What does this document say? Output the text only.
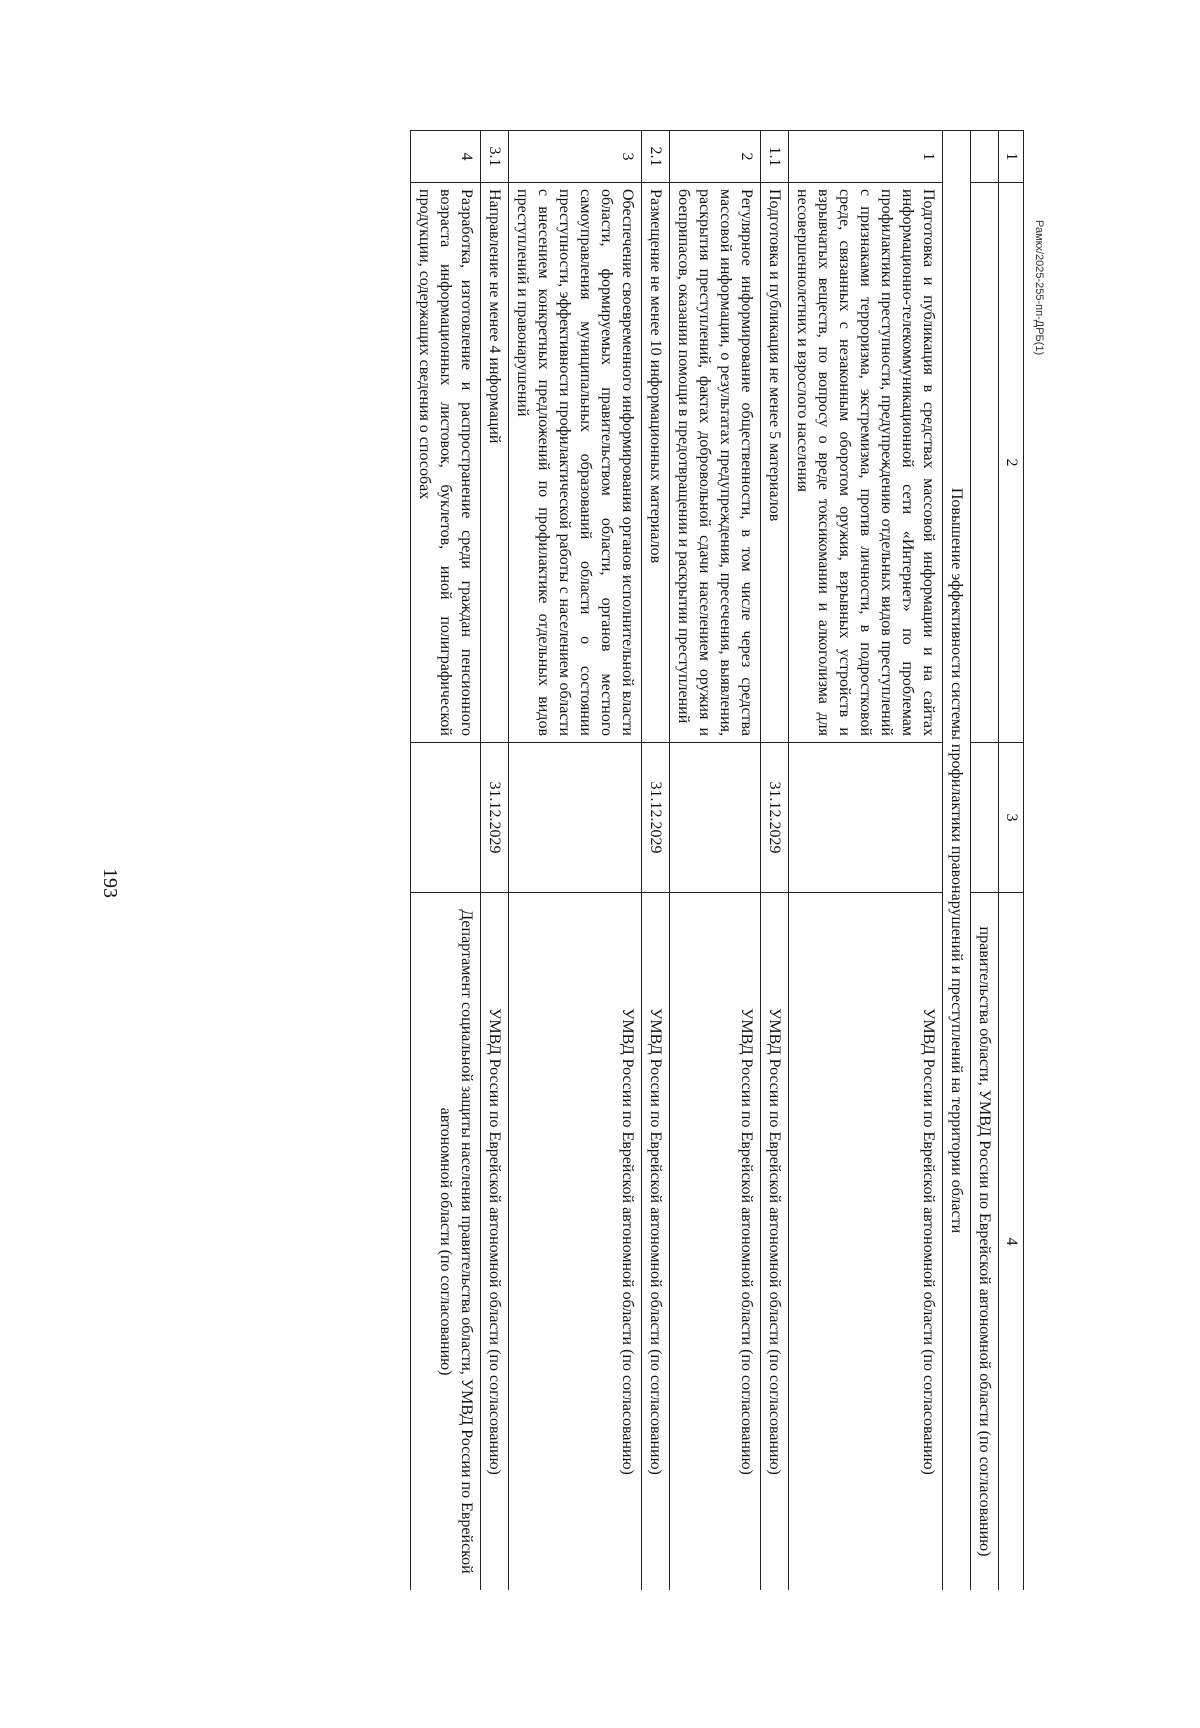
193
Рамкх/2025-255-пп-ДРБ(1)
1	2	3	4
			правительства области, УМВД России по Еврейской автономной области (по согласованию)
Повышение эффективности системы профилактики правонарушений и преступлений на территории области			
1	Подготовка и публикация в средствах массовой информации и на сайтах информационно-телекоммуникационной сети «Интернет» по проблемам профилактики преступности, предупреждению отдельных видов преступлений с признаками терроризма, экстремизма, против личности, в подростковой среде, связанных с незаконным оборотом оружия, взрывных устройств и взрывчатых веществ, по вопросу о вреде токсикомании и алкоголизма для несовершеннолетних и взрослого населения		УМВД России по Еврейской автономной области (по согласованию)
1.1	Подготовка и публикация не менее 5 материалов	31.12.2029	УМВД России по Еврейской автономной области (по согласованию)
2	Регулярное информирование общественности, в том числе через средства массовой информации, о результатах предупреждения, пресечения, выявления, раскрытия преступлений, фактах добровольной сдачи населением оружия и боеприпасов, оказании помощи в предотвращении и раскрытии преступлений		УМВД России по Еврейской автономной области (по согласованию)
2.1	Размещение не менее 10 информационных материалов	31.12.2029	УМВД России по Еврейской автономной области (по согласованию)
3	Обеспечение своевременного информирования органов исполнительной власти области, формируемых правительством области, органов местного самоуправления муниципальных образований области о состоянии преступности, эффективности профилактической работы с населением области с внесением конкретных предложений по профилактике отдельных видов преступлений и правонарушений		УМВД России по Еврейской автономной области (по согласованию)
3.1	Направление не менее 4 информаций	31.12.2029	УМВД России по Еврейской автономной области (по согласованию)
4	Разработка, изготовление и распространение среди граждан пенсионного возраста информационных листовок, буклетов, иной полиграфической продукции, содержащих сведения о способах		Департамент социальной защиты населения правительства области, УМВД России по Еврейской автономной области (по согласованию)
